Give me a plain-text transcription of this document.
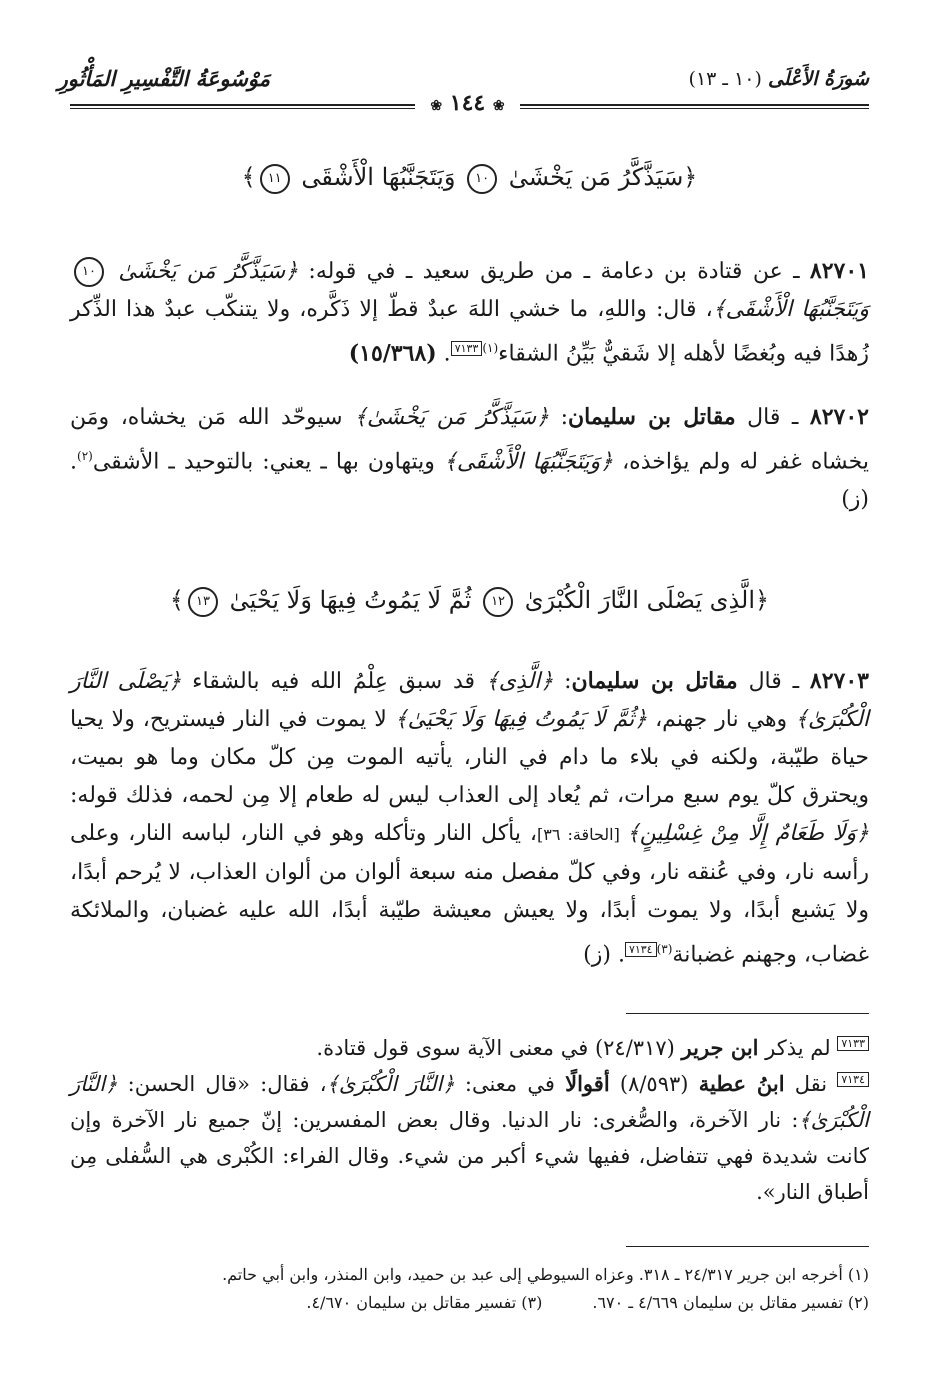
سُورَةُ الأَعْلَى (١٠ ـ ١٣)
مَوْسُوعَةُ التَّفْسِيرِ المَأْثُورِ
❀ ١٤٤ ❀
﴿سَيَذَّكَّرُ مَن يَخْشَىٰ ١٠ وَيَتَجَنَّبُهَا الْأَشْقَى ١١﴾
٨٢٧٠١ ـ عن قتادة بن دعامة ـ من طريق سعيد ـ في قوله: ﴿سَيَذَّكَّرُ مَن يَخْشَىٰ ١٠ وَيَتَجَنَّبُهَا الْأَشْقَى﴾، قال: واللهِ، ما خشي اللهَ عبدٌ قطّ إلا ذَكَّره، ولا يتنكّب عبدٌ هذا الذِّكر زُهدًا فيه وبُغضًا لأهله إلا شَقيٌّ بَيِّنُ الشقاء$^{(١)}$٧١٣٣. (١٥/٣٦٨)
٨٢٧٠٢ ـ قال مقاتل بن سليمان: ﴿سَيَذَّكَّرُ مَن يَخْشَىٰ﴾ سيوحّد الله مَن يخشاه، ومَن يخشاه غفر له ولم يؤاخذه، ﴿وَيَتَجَنَّبُهَا الْأَشْقَى﴾ ويتهاون بها ـ يعني: بالتوحيد ـ الأشقى$^{(٢)}$. (ز)
﴿الَّذِى يَصْلَى النَّارَ الْكُبْرَىٰ ١٢ ثُمَّ لَا يَمُوتُ فِيهَا وَلَا يَحْيَىٰ ١٣﴾
٨٢٧٠٣ ـ قال مقاتل بن سليمان: ﴿الَّذِى﴾ قد سبق عِلْمُ الله فيه بالشقاء ﴿يَصْلَى النَّارَ الْكُبْرَىٰ﴾ وهي نار جهنم، ﴿ثُمَّ لَا يَمُوتُ فِيهَا وَلَا يَحْيَىٰ﴾ لا يموت في النار فيستريح، ولا يحيا حياة طيّبة، ولكنه في بلاء ما دام في النار، يأتيه الموت مِن كلّ مكان وما هو بميت، ويحترق كلّ يوم سبع مرات، ثم يُعاد إلى العذاب ليس له طعام إلا مِن لحمه، فذلك قوله: ﴿وَلَا طَعَامٌ إِلَّا مِنْ غِسْلِينٍ﴾ [الحاقة: ٣٦]، يأكل النار وتأكله وهو في النار، لباسه النار، وعلى رأسه نار، وفي عُنقه نار، وفي كلّ مفصل منه سبعة ألوان من ألوان العذاب، لا يُرحم أبدًا، ولا يَشبع أبدًا، ولا يموت أبدًا، ولا يعيش معيشة طيّبة أبدًا، الله عليه غضبان، والملائكة غضاب، وجهنم غضبانة$^{(٣)}$٧١٣٤. (ز)
٧١٣٣ لم يذكر ابن جرير (٢٤/٣١٧) في معنى الآية سوى قول قتادة.
٧١٣٤ نقل ابنُ عطية (٨/٥٩٣) أقوالًا في معنى: ﴿النَّارَ الْكُبْرَىٰ﴾، فقال: «قال الحسن: ﴿النَّارَ الْكُبْرَىٰ﴾: نار الآخرة، والصُّغرى: نار الدنيا. وقال بعض المفسرين: إنّ جميع نار الآخرة وإن كانت شديدة فهي تتفاضل، ففيها شيء أكبر من شيء. وقال الفراء: الكُبْرى هي السُّفلى مِن أطباق النار».
(١) أخرجه ابن جرير ٢٤/٣١٧ ـ ٣١٨. وعزاه السيوطي إلى عبد بن حميد، وابن المنذر، وابن أبي حاتم.
(٢) تفسير مقاتل بن سليمان ٤/٦٦٩ ـ ٦٧٠.(٣) تفسير مقاتل بن سليمان ٤/٦٧٠.
